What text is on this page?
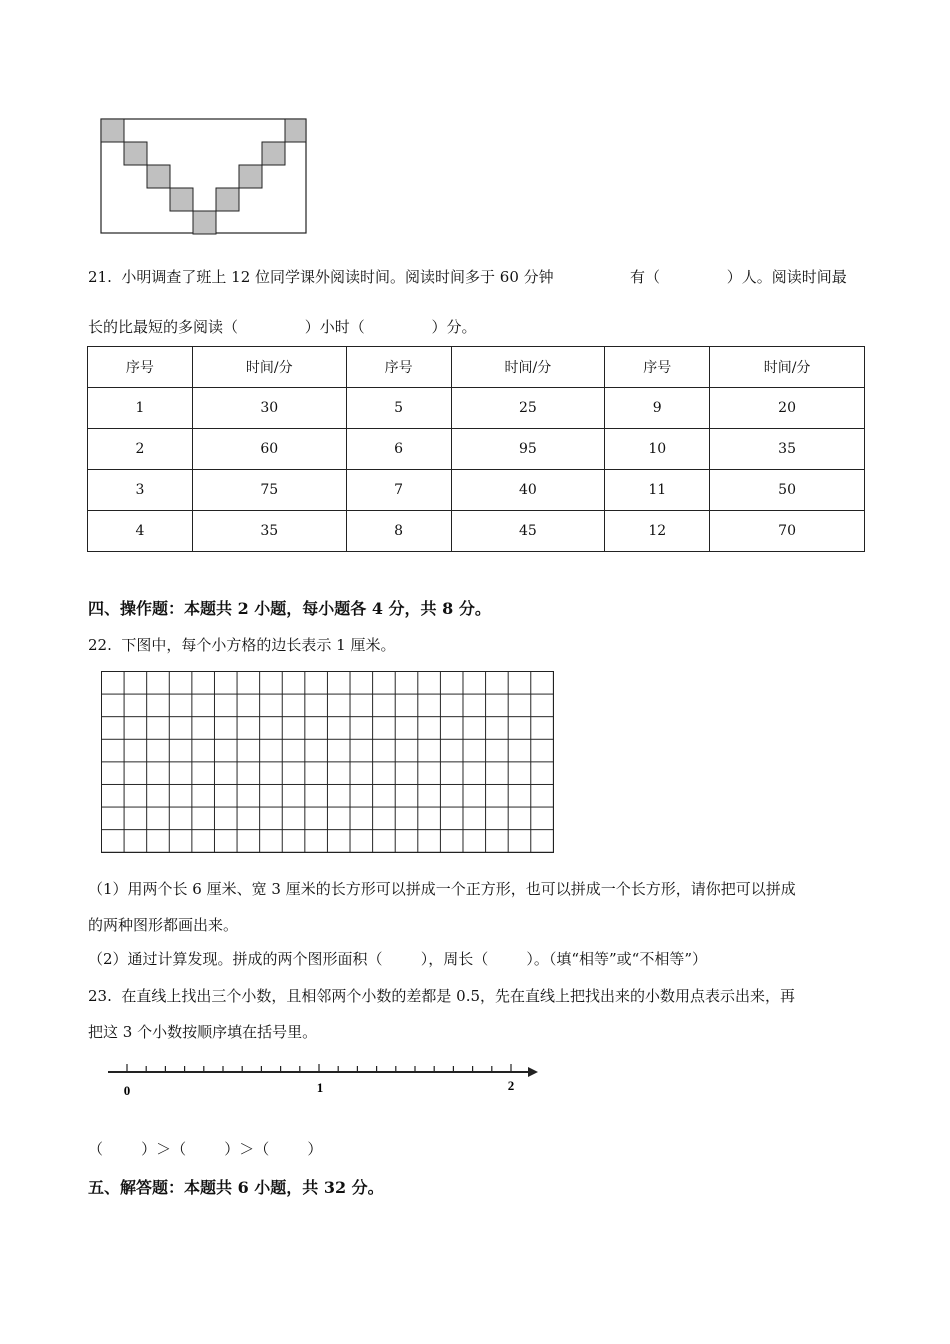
21.  小明调查了班上 12 位同学课外阅读时间。阅读时间多于 60 分钟	有（              ）人。阅读时间最
长的比最短的多阅读（              ）小时（              ）分。
序号	时间/分	序号	时间/分	序号	时间/分
1	30	5	25	9	20
2	60	6	95	10	35
3	75	7	40	11	50
4	35	8	45	12	70
四、操作题：本题共 2 小题，每小题各 4 分，共 8 分。
22.  下图中，每个小方格的边长表示 1 厘米。
（1）用两个长 6 厘米、宽 3 厘米的长方形可以拼成一个正方形，也可以拼成一个长方形，请你把可以拼成
的两种图形都画出来。
（2）通过计算发现。拼成的两个图形面积（        ），周长（        ）。（填“相等”或“不相等”）
23.  在直线上找出三个小数，且相邻两个小数的差都是 0.5，先在直线上把找出来的小数用点表示出来，再
把这 3 个小数按顺序填在括号里。
0	1	2
（        ）＞（        ）＞（        ）
五、解答题：本题共 6 小题，共 32 分。
